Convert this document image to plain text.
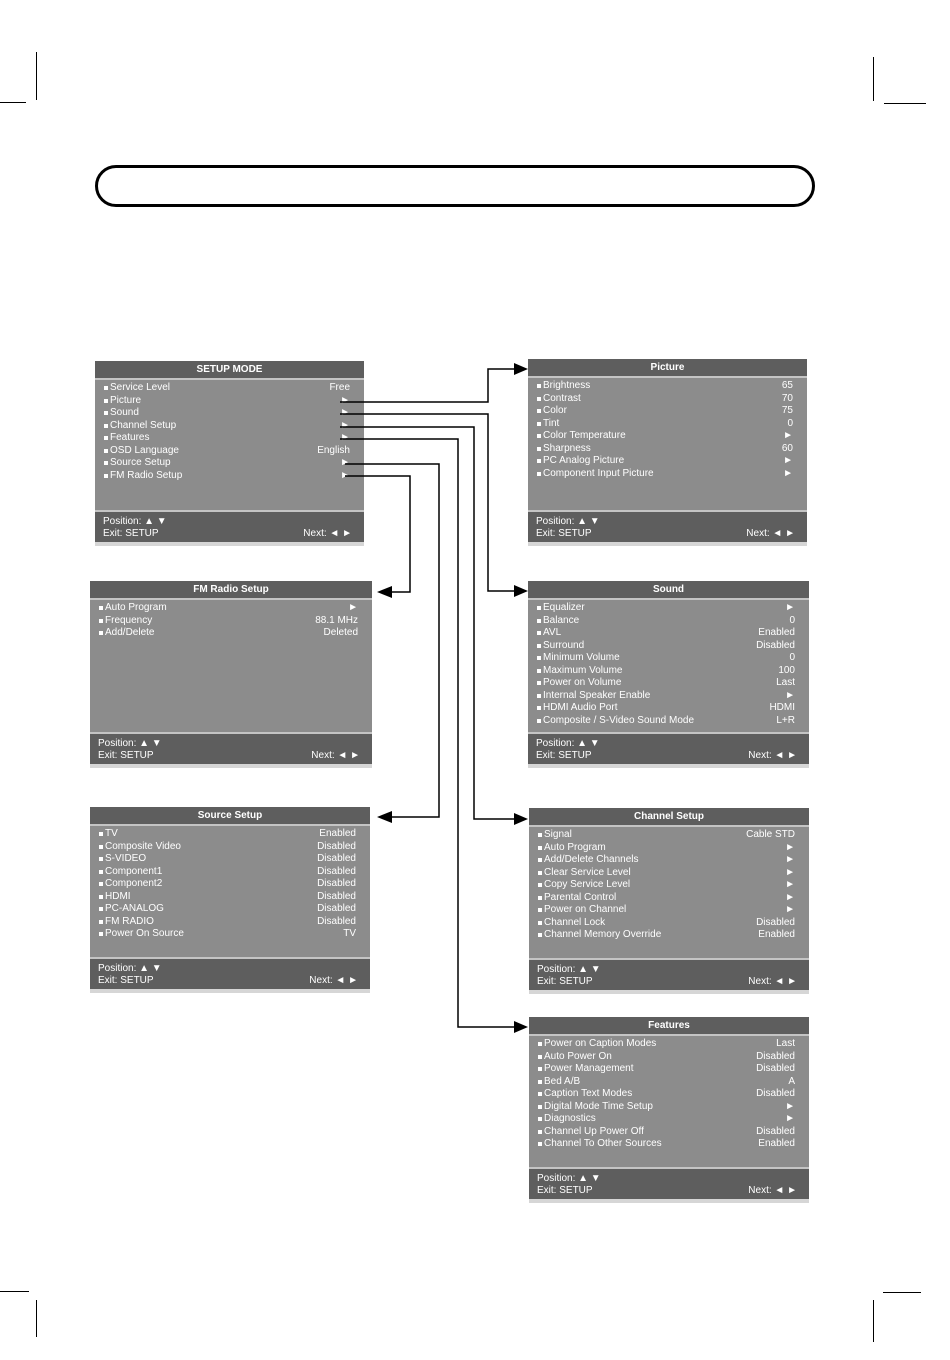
SETUP MODE
Service Level	Free
Picture	►
Sound	►
Channel Setup	►
Features	►
OSD Language	English
Source Setup	►
FM Radio Setup	►
Position: ▲ ▼
Exit: SETUP	Next: ◄ ►
Picture
Brightness	65
Contrast	70
Color	75
Tint	0
Color Temperature	►
Sharpness	60
PC Analog Picture	►
Component Input Picture	►
Position: ▲ ▼
Exit: SETUP	Next: ◄ ►
FM Radio Setup
Auto Program	►
Frequency	88.1 MHz
Add/Delete	Deleted
Position: ▲ ▼
Exit: SETUP	Next: ◄ ►
Sound
Equalizer	►
Balance	0
AVL	Enabled
Surround	Disabled
Minimum Volume	0
Maximum Volume	100
Power on Volume	Last
Internal Speaker Enable	►
HDMI Audio Port	HDMI
Composite / S-Video Sound Mode	L+R
Position: ▲ ▼
Exit: SETUP	Next: ◄ ►
Source Setup
TV	Enabled
Composite Video	Disabled
S-VIDEO	Disabled
Component1	Disabled
Component2	Disabled
HDMI	Disabled
PC-ANALOG	Disabled
FM RADIO	Disabled
Power On Source	TV
Position: ▲ ▼
Exit: SETUP	Next: ◄ ►
Channel Setup
Signal	Cable STD
Auto Program	►
Add/Delete Channels	►
Clear Service Level	►
Copy Service Level	►
Parental Control	►
Power on Channel	►
Channel Lock	Disabled
Channel Memory Override	Enabled
Position: ▲ ▼
Exit: SETUP	Next: ◄ ►
Features
Power on Caption Modes	Last
Auto Power On	Disabled
Power Management	Disabled
Bed A/B	A
Caption Text Modes	Disabled
Digital Mode Time Setup	►
Diagnostics	►
Channel Up Power Off	Disabled
Channel To Other Sources	Enabled
Position: ▲ ▼
Exit: SETUP	Next: ◄ ►
